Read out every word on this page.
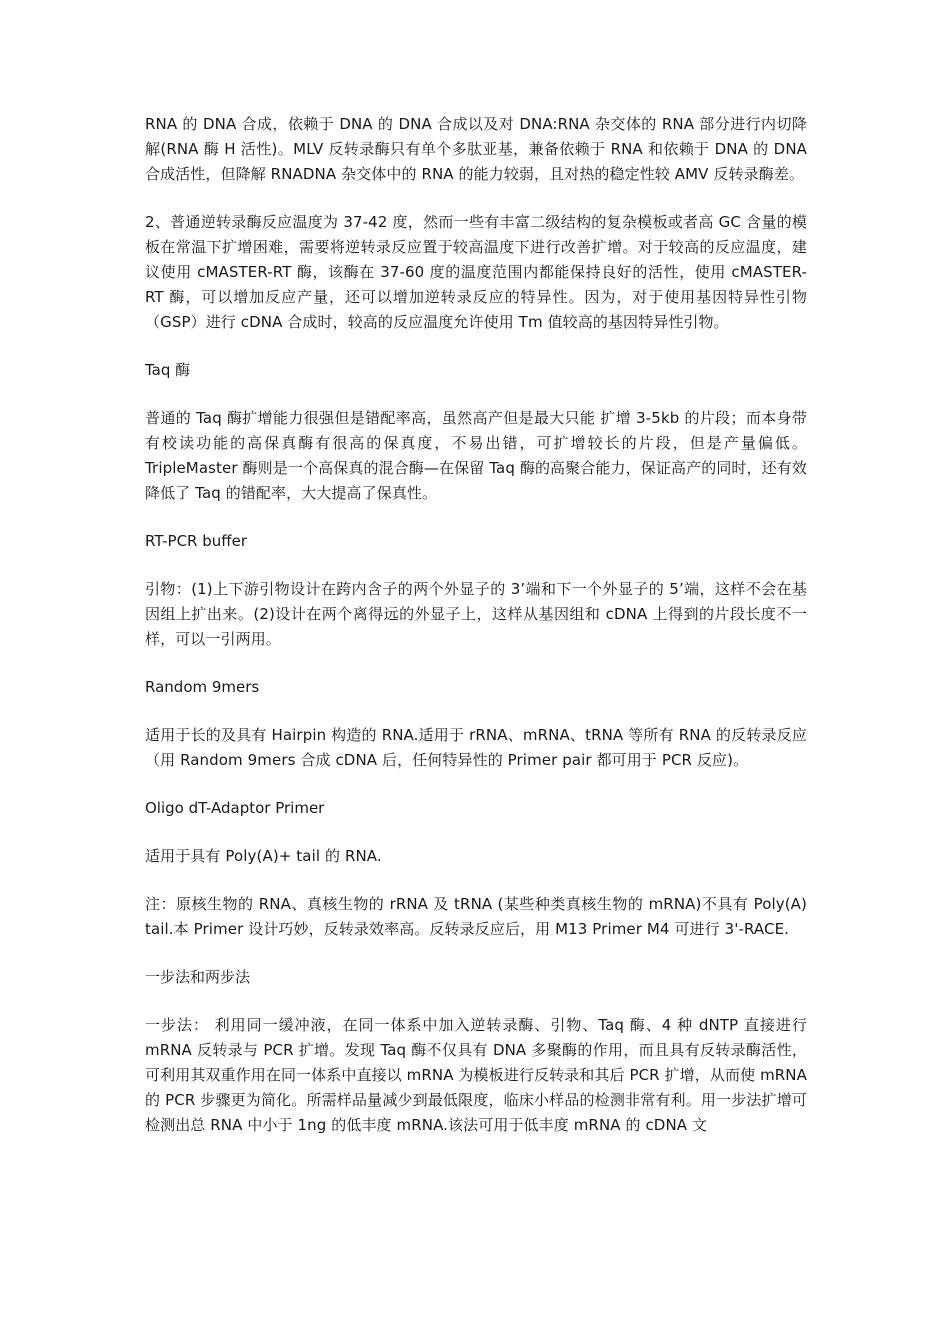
RNA 的 DNA 合成，依赖于 DNA 的 DNA 合成以及对 DNA:RNA 杂交体的 RNA 部分进行内切降解(RNA 酶 H 活性)。MLV 反转录酶只有单个多肽亚基，兼备依赖于 RNA 和依赖于 DNA 的 DNA 合成活性，但降解 RNADNA 杂交体中的 RNA 的能力较弱，且对热的稳定性较 AMV 反转录酶差。

2、普通逆转录酶反应温度为 37-42 度，然而一些有丰富二级结构的复杂模板或者高 GC 含量的模板在常温下扩增困难，需要将逆转录反应置于较高温度下进行改善扩增。对于较高的反应温度，建议使用 cMASTER-RT 酶，该酶在 37-60 度的温度范围内都能保持良好的活性，使用 cMASTER-RT 酶，可以增加反应产量，还可以增加逆转录反应的特异性。因为，对于使用基因特异性引物（GSP）进行 cDNA 合成时，较高的反应温度允许使用 Tm 值较高的基因特异性引物。

Taq 酶

普通的 Taq 酶扩增能力很强但是错配率高，虽然高产但是最大只能 扩增 3-5kb 的片段；而本身带有校读功能的高保真酶有很高的保真度，不易出错，可扩增较长的片段，但是产量偏低。TripleMaster 酶则是一个高保真的混合酶—在保留 Taq 酶的高聚合能力，保证高产的同时，还有效降低了 Taq 的错配率，大大提高了保真性。

RT-PCR buffer

引物：(1)上下游引物设计在跨内含子的两个外显子的 3’端和下一个外显子的 5’端，这样不会在基因组上扩出来。(2)设计在两个离得远的外显子上，这样从基因组和 cDNA 上得到的片段长度不一样，可以一引两用。

Random 9mers

适用于长的及具有 Hairpin 构造的 RNA.适用于 rRNA、mRNA、tRNA 等所有 RNA 的反转录反应（用 Random 9mers 合成 cDNA 后，任何特异性的 Primer pair 都可用于 PCR 反应)。

Oligo dT-Adaptor Primer

适用于具有 Poly(A)+ tail 的 RNA.

注：原核生物的 RNA、真核生物的 rRNA 及 tRNA (某些种类真核生物的 mRNA)不具有 Poly(A) tail.本 Primer 设计巧妙，反转录效率高。反转录反应后，用 M13 Primer M4 可进行 3'-RACE.

一步法和两步法

一步法： 利用同一缓冲液，在同一体系中加入逆转录酶、引物、Taq 酶、4 种 dNTP 直接进行 mRNA 反转录与 PCR 扩增。发现 Taq 酶不仅具有 DNA 多聚酶的作用，而且具有反转录酶活性，可利用其双重作用在同一体系中直接以 mRNA 为模板进行反转录和其后 PCR 扩增，从而使 mRNA 的 PCR 步骤更为简化。所需样品量减少到最低限度，临床小样品的检测非常有利。用一步法扩增可检测出总 RNA 中小于 1ng 的低丰度 mRNA.该法可用于低丰度 mRNA 的 cDNA 文
